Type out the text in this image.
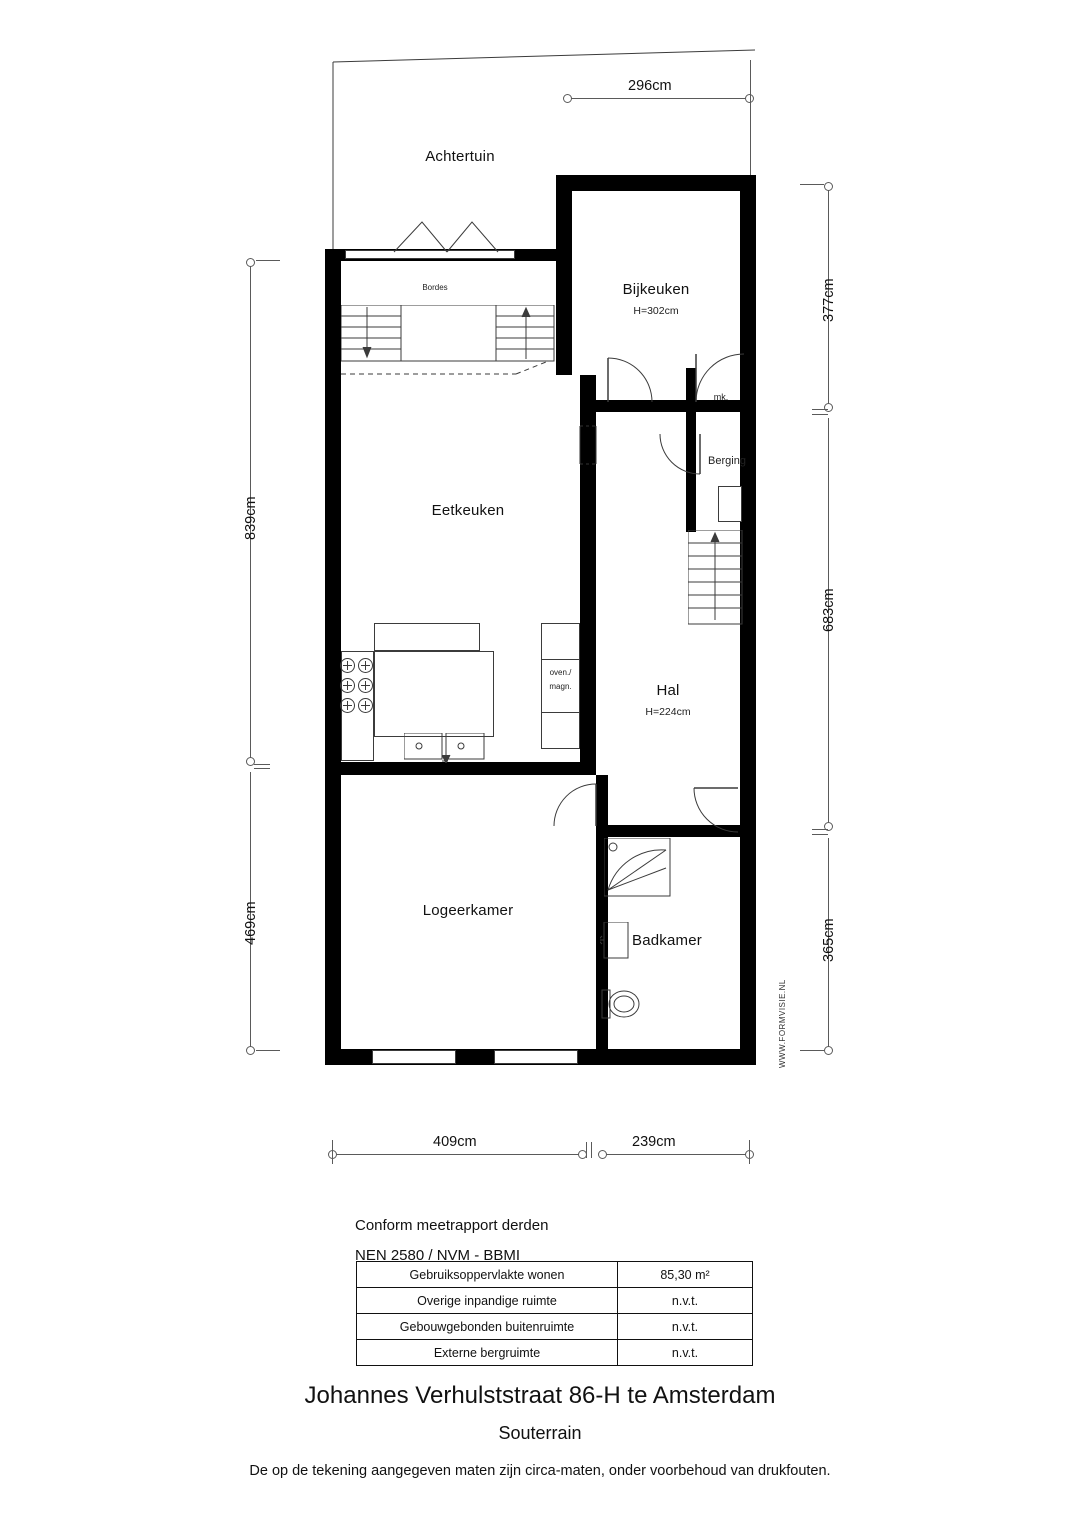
296cm
Achtertuin
Bordes	Bijkeuken
H=302cm
Eetkeuken
Hal
H=224cm
Logeerkamer
Badkamer
Berging
mk.
oven./
magn.
WWW.FORMVISIE.NL
839cm
469cm
377cm
683cm
365cm
409cm	239cm
Conform meetrapport derden
NEN 2580 / NVM - BBMI
Gebruiksoppervlakte wonen	85,30 m²
Overige inpandige ruimte	n.v.t.
Gebouwgebonden buitenruimte	n.v.t.
Externe bergruimte	n.v.t.
Johannes Verhulststraat 86-H te Amsterdam
Souterrain
De op de tekening aangegeven maten zijn circa-maten, onder voorbehoud van drukfouten.
